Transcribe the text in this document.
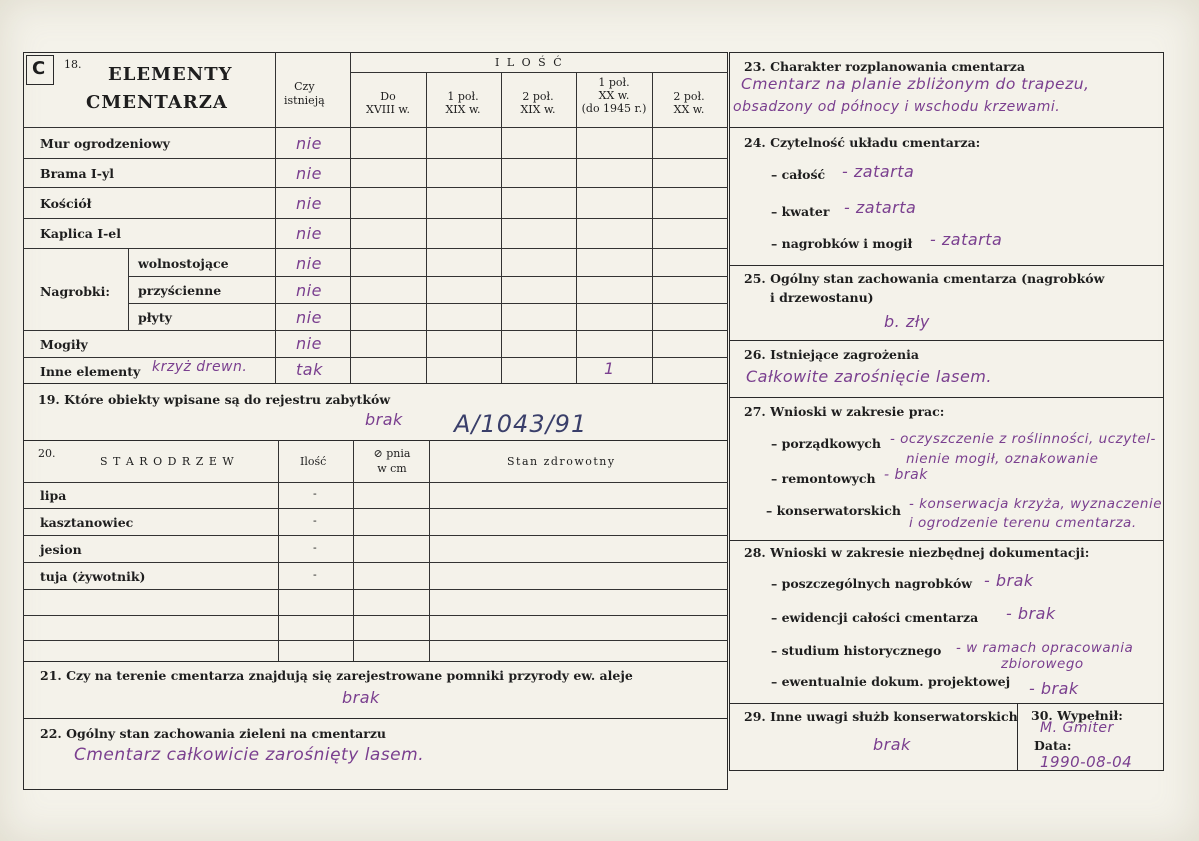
C 18. ELEMENTY
CMENTARZA
Czy
istnieją
I L O Ś Ć
Do
XVIII w.
1 poł.
XIX w.
2 poł.
XIX w.
1 poł.
XX w.
(do 1945 r.)
2 poł.
XX w.
Mur ogrodzeniowy
Brama I-yl
Kościół
Kaplica I-el
Nagrobki:
wolnostojące
przyścienne
płyty
Mogiły
Inne elementy krzyż drewn.
nie
nie
nie
nie
nie
nie
nie
nie
tak	1
19. Które obiekty wpisane są do rejestru zabytków
brak A/1043/91
20.
S T A R O D R Z E W	Ilość
⊘ pnia
w cm
Stan zdrowotny
lipa
kasztanowiec
jesion
tuja (żywotnik)
-
-
-
-
21. Czy na terenie cmentarza znajdują się zarejestrowane pomniki przyrody ew. aleje
brak
22. Ogólny stan zachowania zieleni na cmentarzu
Cmentarz całkowicie zarośnięty lasem.
23. Charakter rozplanowania cmentarza
Cmentarz na planie zbliżonym do trapezu,
obsadzony od północy i wschodu krzewami.
24. Czytelność układu cmentarza:
– całość - zatarta
– kwater - zatarta
– nagrobków i mogił - zatarta
25. Ogólny stan zachowania cmentarza (nagrobków
i drzewostanu)
b. zły
26. Istniejące zagrożenia
Całkowite zarośnięcie lasem.
27. Wnioski w zakresie prac:
– porządkowych - oczyszczenie z roślinności, uczytel-
nienie mogił, oznakowanie
– remontowych - brak
– konserwatorskich - konserwacja krzyża, wyznaczenie
i ogrodzenie terenu cmentarza.
28. Wnioski w zakresie niezbędnej dokumentacji:
– poszczególnych nagrobków - brak
– ewidencji całości cmentarza - brak
– studium historycznego - w ramach opracowania
zbiorowego
– ewentualnie dokum. projektowej - brak
29. Inne uwagi służb konserwatorskich
brak
30. Wypełnił:
M. Gmiter
Data:
1990-08-04
